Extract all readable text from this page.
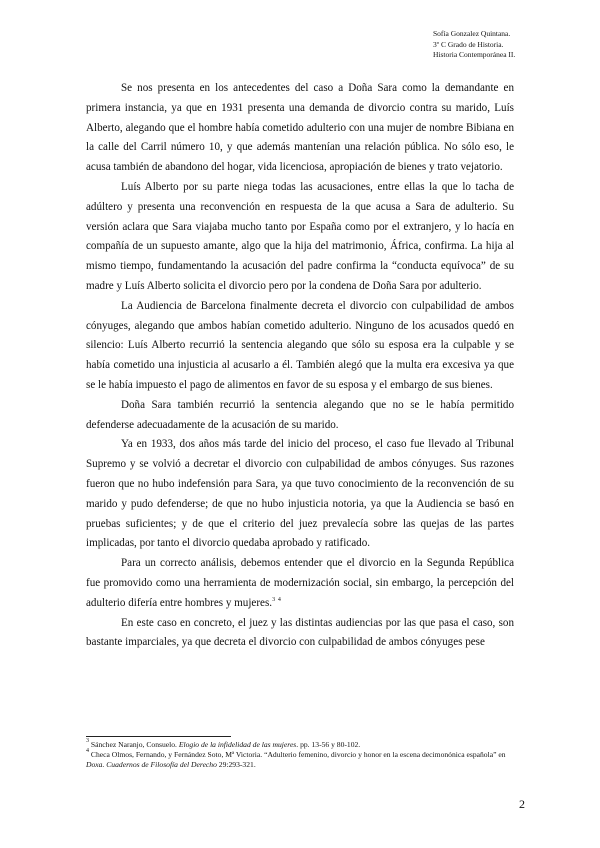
Sofía Gonzalez Quintana.
3º C Grado de Historia.
Historia Contemporánea II.

Se nos presenta en los antecedentes del caso a Doña Sara como la demandante en primera instancia, ya que en 1931 presenta una demanda de divorcio contra su marido, Luís Alberto, alegando que el hombre había cometido adulterio con una mujer de nombre Bibiana en la calle del Carril número 10, y que además mantenían una relación pública. No sólo eso, le acusa también de abandono del hogar, vida licenciosa, apropiación de bienes y trato vejatorio.

Luís Alberto por su parte niega todas las acusaciones, entre ellas la que lo tacha de adúltero y presenta una reconvención en respuesta de la que acusa a Sara de adulterio. Su versión aclara que Sara viajaba mucho tanto por España como por el extranjero, y lo hacía en compañía de un supuesto amante, algo que la hija del matrimonio, África, confirma. La hija al mismo tiempo, fundamentando la acusación del padre confirma la “conducta equívoca” de su madre y Luís Alberto solicita el divorcio pero por la condena de Doña Sara por adulterio.

La Audiencia de Barcelona finalmente decreta el divorcio con culpabilidad de ambos cónyuges, alegando que ambos habían cometido adulterio. Ninguno de los acusados quedó en silencio: Luís Alberto recurrió la sentencia alegando que sólo su esposa era la culpable y se había cometido una injusticia al acusarlo a él. También alegó que la multa era excesiva ya que se le había impuesto el pago de alimentos en favor de su esposa y el embargo de sus bienes.

Doña Sara también recurrió la sentencia alegando que no se le había permitido defenderse adecuadamente de la acusación de su marido.

Ya en 1933, dos años más tarde del inicio del proceso, el caso fue llevado al Tribunal Supremo y se volvió a decretar el divorcio con culpabilidad de ambos cónyuges. Sus razones fueron que no hubo indefensión para Sara, ya que tuvo conocimiento de la reconvención de su marido y pudo defenderse; de que no hubo injusticia notoria, ya que la Audiencia se basó en pruebas suficientes; y de que el criterio del juez prevalecía sobre las quejas de las partes implicadas, por tanto el divorcio quedaba aprobado y ratificado.

Para un correcto análisis, debemos entender que el divorcio en la Segunda República fue promovido como una herramienta de modernización social, sin embargo, la percepción del adulterio difería entre hombres y mujeres.$^3$ $^4$

En este caso en concreto, el juez y las distintas audiencias por las que pasa el caso, son bastante imparciales, ya que decreta el divorcio con culpabilidad de ambos cónyuges pese

$^3$ Sánchez Naranjo, Consuelo. Elogio de la infidelidad de las mujeres. pp. 13-56 y 80-102.

$^4$ Checa Olmos, Fernando, y Fernández Soto, Mª Victoria. “Adulterio femenino, divorcio y honor en la escena decimonónica española” en Doxa. Cuadernos de Filosofía del Derecho 29:293-321.

2
